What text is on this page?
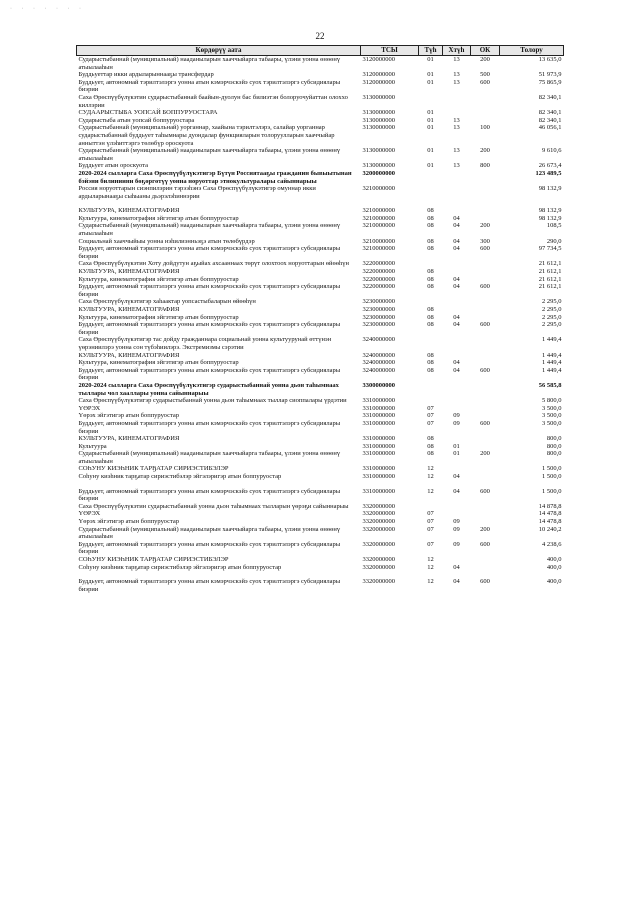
· · · · · · ·
22
Көрдөрүү аата	ТСЫ	Түһ	Хтүһ	ОК	Толору
Сударыстыбаннай (муниципальнай) нааданыларын хааччыйарга табаары, үлэни уонна өнөөнү атыылааһын	3120000000	01	13	200	13 635,0
Буддьуеттар икки ардыларыннааҕы трансфердар	3120000000	01	13	500	51 973,9
Буддьует, автономнай тэрилтэлэргэ уонна атын кэмэрчэскэйэ суох тэрилтэлэргэ субсидиялары биэрии	3120000000	01	13	600	75 865,9
Саха Өрөспүүбүлүкэтин сударыстыбаннай баайын-дуолун бас билиэтэн болоруочуйаттан олоххо киллэрии	3130000000				82 340,1
СУДААРЫСТЫБА УОПСАЙ БОППУРУОСТАРА	3130000000	01			82 340,1
Сударыстыба атын уопсай боппуруостара	3130000000	01	13		82 340,1
Сударыстыбаннай (муниципальнай) уорганнар, хаайына тэрилтэлэрэ, салайар уорганнар сударыстыбаннай буддьует таһымнары дуондалар функцияларын толоруулларын хааччыйар анныттэн үлэһиттэргэ төлөбүр ороскуота	3130000000	01	13	100	46 056,1
Сударыстыбаннай (муниципальнай) нааданыларын хааччыйарга табаары, үлэни уонна өнөөнү атыылааһын	3130000000	01	13	200	9 610,6
Буддьует атын ороскуота	3130000000	01	13	800	26 673,4
2020-2024 сылларга Саха Өрөспүүбүлүкэтигэр Бүтүн Россиятааҕы гражданин бывыытынан бэйэни билиниини бөҕөргөтүү уонна норуоттар этнокультуралары сайыннарыы	3200000000				123 489,5
Россия норуоттарын сиэнпилэрин тэрээһэнэ Саха Өрөспүүбүлүкэтигэр омуннар икки ардыларынааҕы сыһыаны дьэрэлэһиннэрии	3210000000				98 132,9

КУЛЬТУУРА, КИНЕМАТОГРАФИЯ	3210000000	08			98 132,9
Культуура, кинематография эйгэтигэр атын боппуруостар	3210000000	08	04		98 132,9
Сударыстыбаннай (муниципальнай) нааданыларын хааччыйарга табаары, үлэни уонна өнөөнү атыылааһын	3210000000	08	04	200	108,5
Социальнай хааччыйыы уонна нэһилиэнньэҕэ атын төлөбүрдэр	3210000000	08	04	300	290,0
Буддьует, автономнай тэрилтэлэргэ уонна атын кэмэрчэскэйэ суох тэрилтэлэргэ субсидиялары биэрии	3210000000	08	04	600	97 734,5
Саха Өрөспүүбүлүкэтин Хоту дойдутун аҕыйах ахсааннаах төрүт олохтоох норуоттарын өйөөһүн	3220000000				21 612,1
КУЛЬТУУРА, КИНЕМАТОГРАФИЯ	3220000000	08			21 612,1
Культуура, кинематография эйгэтигэр атын боппуруостар	3220000000	08	04		21 612,1
Буддьует, автономнай тэрилтэлэргэ уонна атын кэмэрчэскэйэ суох тэрилтэлэргэ субсидиялары биэрии	3220000000	08	04	600	21 612,1
Саха Өрөспүүбүлүкэтигэр хаһаактар уопсастыбаларын өйөөһүн	3230000000				2 295,0
КУЛЬТУУРА, КИНЕМАТОГРАФИЯ	3230000000	08			2 295,0
Культуура, кинематография эйгэтигэр атын боппуруостар	3230000000	08	04		2 295,0
Буддьует, автономнай тэрилтэлэргэ уонна атын кэмэрчэскэйэ суох тэрилтэлэргэ субсидиялары биэрии	3230000000	08	04	600	2 295,0
Саха Өрөспүүбүлүкэтигэр тас дойду гражданнара социальнай уонна культуурунай өттүнэн үөрэниилэрэ уонна сон түбэһиилэрэ. Экстремизмы сэрэтии	3240000000				1 449,4
КУЛЬТУУРА, КИНЕМАТОГРАФИЯ	3240000000	08			1 449,4
Культуура, кинематография эйгэтигэр атын боппуруостар	3240000000	08	04		1 449,4
Буддьует, автономнай тэрилтэлэргэ уонна атын кэмэрчэскэйэ суох тэрилтэлэргэ субсидиялары биэрии	3240000000	08	04	600	1 449,4
2020-2024 сылларга Саха Өрөспүүбүлүкэтигэр сударыстыбаннай уонна дьон таһымнаах тыллары чол хааллары уонна сайыннарыы	3300000000				56 585,8
Саха Өрөспүүбүлүкэтигэр сударыстыбаннай уонна дьон таһымнаах тыллар сиоппалары үрдэтии	3310000000				5 800,0
ҮӨРЭХ	3310000000	07			3 500,0
Үөрэх эйгэтигэр атын боппуруостар	3310000000	07	09		3 500,0
Буддьует, автономнай тэрилтэлэргэ уонна атын кэмэрчэскэйэ суох тэрилтэлэргэ субсидиялары биэрии	3310000000	07	09	600	3 500,0
КУЛЬТУУРА, КИНЕМАТОГРАФИЯ	3310000000	08			800,0
Культуура	3310000000	08	01		800,0
Сударыстыбаннай (муниципальнай) нааданыларын хааччыйарга табаары, үлэни уонна өнөөнү атыылааһын	3310000000	08	01	200	800,0
СОҺУНУ КИЭҺНИК ТАРҔАТАР СИРИЭСТИБЭЛЭР	3310000000	12			1 500,0
Соһуну киэһник тарҕатар сириэстибэлэр эйгэлэригэр атын боппуруостар	3310000000	12	04		1 500,0

Буддьует, автономнай тэрилтэлэргэ уонна атын кэмэрчэскэйэ суох тэрилтэлэргэ субсидиялары биэрии	3310000000	12	04	600	1 500,0
Саха Өрөспүүбүлүкэтин сударыстыбаннай уонна дьон таһымнаах тылларын үөрэҕи сайыннарыы	3320000000				14 878,8
ҮӨРЭХ	3320000000	07			14 478,8
Үөрэх эйгэтигэр атын боппуруостар	3320000000	07	09		14 478,8
Сударыстыбаннай (муниципальнай) нааданыларын хааччыйарга табаары, үлэни уонна өнөөнү атыылааһын	3320000000	07	09	200	10 240,2
Буддьует, автономнай тэрилтэлэргэ уонна атын кэмэрчэскэйэ суох тэрилтэлэргэ субсидиялары биэрии	3320000000	07	09	600	4 238,6
СОҺУНУ КИЭҺНИК ТАРҔАТАР СИРИЭСТИБЭЛЭР	3320000000	12			400,0
Соһуну киэһник тарҕатар сириэстибэлэр эйгэлэригэр атын боппуруостар	3320000000	12	04		400,0

Буддьует, автономнай тэрилтэлэргэ уонна атын кэмэрчэскэйэ суох тэрилтэлэргэ субсидиялары биэрии	3320000000	12	04	600	400,0
